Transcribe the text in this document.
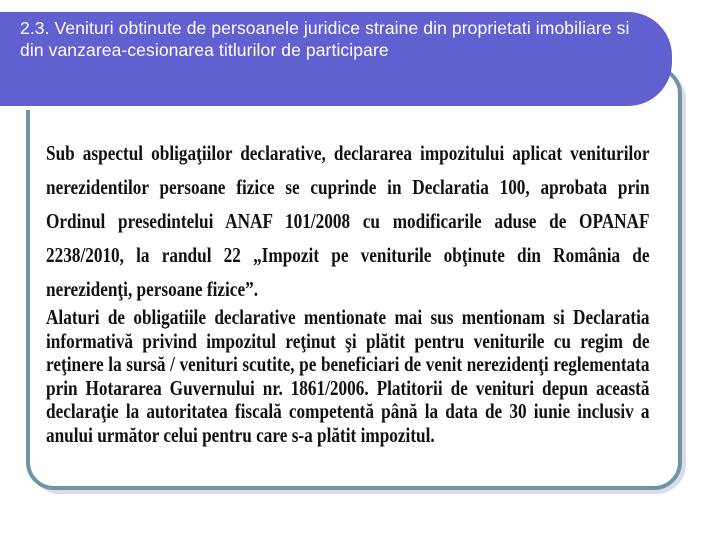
2.3. Venituri obtinute de persoanele juridice straine din proprietati imobiliare si din vanzarea-cesionarea titlurilor de participare

Sub aspectul obligaţiilor declarative, declararea impozitului aplicat veniturilor nerezidentilor persoane fizice se cuprinde in Declaratia 100, aprobata prin Ordinul presedintelui ANAF 101/2008 cu modificarile aduse de OPANAF 2238/2010, la randul 22 „Impozit pe veniturile obţinute din România de nerezidenţi, persoane fizice”.

Alaturi de obligatiile declarative mentionate mai sus mentionam si Declaratia informativă privind impozitul reţinut şi plătit pentru veniturile cu regim de reţinere la sursă / venituri scutite, pe beneficiari de venit nerezidenţi reglementata prin Hotararea Guvernului nr. 1861/2006. Platitorii de venituri depun această declaraţie la autoritatea fiscală competentă până la data de 30 iunie inclusiv a anului următor celui pentru care s-a plătit impozitul.
